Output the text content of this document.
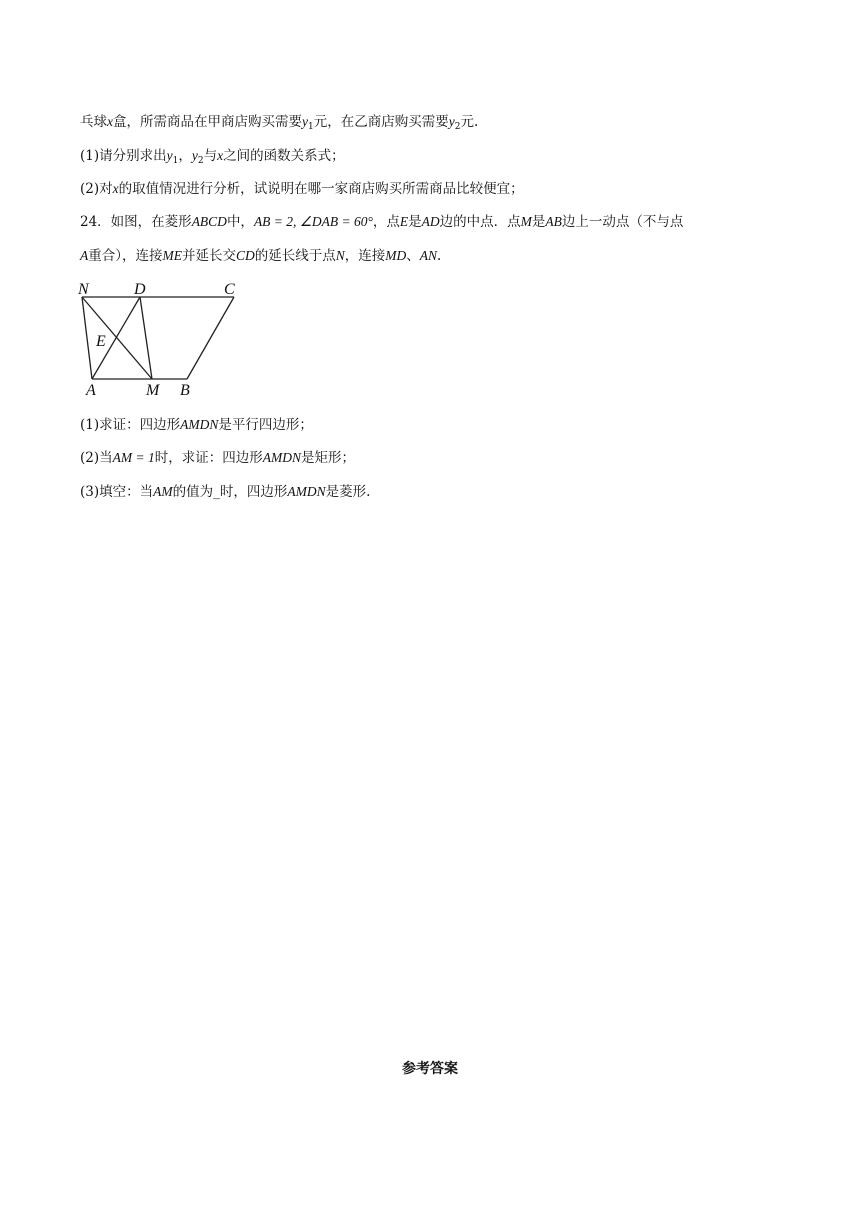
乓球x盒，所需商品在甲商店购买需要$y_1$元，在乙商店购买需要$y_2$元.
(1)请分别求出$y_1$，$y_2$与x之间的函数关系式；
(2)对x的取值情况进行分析，试说明在哪一家商店购买所需商品比较便宜；
24．如图，在菱形ABCD中，AB = 2, ∠DAB = 60°，点E是AD边的中点．点M是AB边上一动点（不与点
A重合），连接ME并延长交CD的延长线于点N，连接MD、AN.
N	D	C
E
A	M B
(1)求证：四边形AMDN是平行四边形；
(2)当AM = 1时，求证：四边形AMDN是矩形；
(3)填空：当AM的值为_时，四边形AMDN是菱形.
参考答案
